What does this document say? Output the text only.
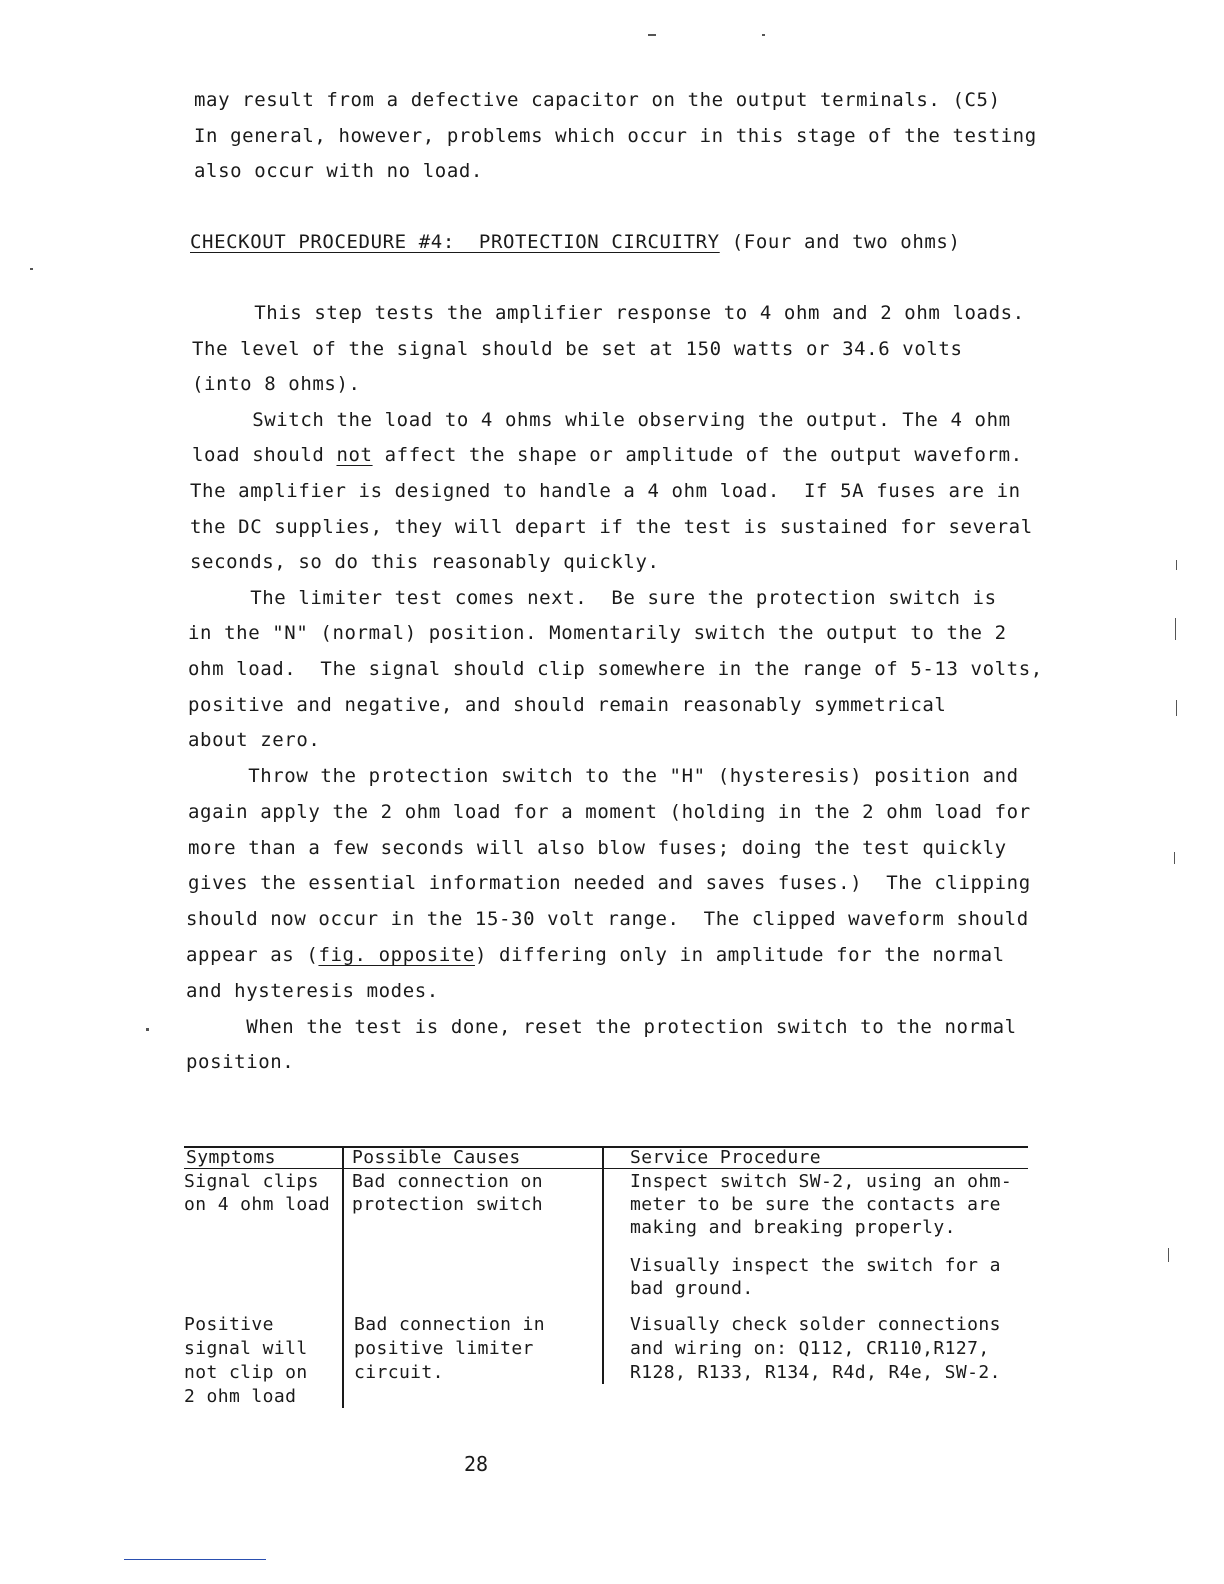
may result from a defective capacitor on the output terminals. (C5)
In general, however, problems which occur in this stage of the testing
also occur with no load.
CHECKOUT PROCEDURE #4:  PROTECTION CIRCUITRY (Four and two ohms)
This step tests the amplifier response to 4 ohm and 2 ohm loads.
The level of the signal should be set at 150 watts or 34.6 volts
(into 8 ohms).
Switch the load to 4 ohms while observing the output. The 4 ohm
load should not affect the shape or amplitude of the output waveform.
The amplifier is designed to handle a 4 ohm load.  If 5A fuses are in
the DC supplies, they will depart if the test is sustained for several
seconds, so do this reasonably quickly.
The limiter test comes next.  Be sure the protection switch is
in the "N" (normal) position. Momentarily switch the output to the 2
ohm load.  The signal should clip somewhere in the range of 5-13 volts,
positive and negative, and should remain reasonably symmetrical
about zero.
Throw the protection switch to the "H" (hysteresis) position and
again apply the 2 ohm load for a moment (holding in the 2 ohm load for
more than a few seconds will also blow fuses; doing the test quickly
gives the essential information needed and saves fuses.)  The clipping
should now occur in the 15-30 volt range.  The clipped waveform should
appear as (fig. opposite) differing only in amplitude for the normal
and hysteresis modes.
When the test is done, reset the protection switch to the normal
position.
Symptoms	Possible Causes	Service Procedure
Signal clips
on 4 ohm load
Bad connection on
protection switch
Inspect switch SW-2, using an ohm-
meter to be sure the contacts are
making and breaking properly.
Visually inspect the switch for a
bad ground.
Positive
signal will
not clip on
2 ohm load
Bad connection in
positive limiter
circuit.
Visually check solder connections
and wiring on: Q112, CR110,R127,
R128, R133, R134, R4d, R4e, SW-2.
28
